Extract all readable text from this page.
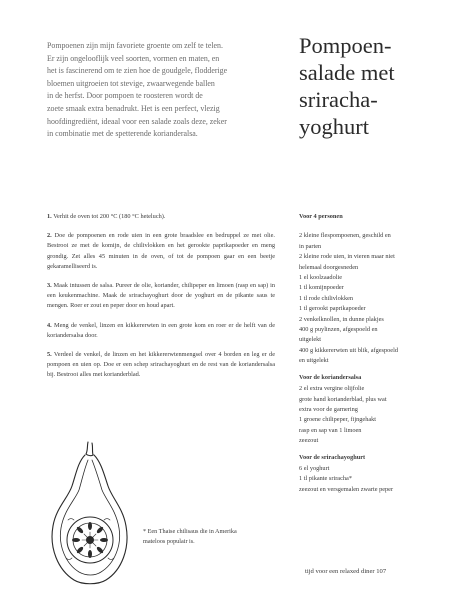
Pompoenen zijn mijn favoriete groente om zelf te telen.
Er zijn ongelooflijk veel soorten, vormen en maten, en
het is fascinerend om te zien hoe de goudgele, flodderige
bloemen uitgroeien tot stevige, zwaarwegende ballen
in de herfst. Door pompoen te roosteren wordt de
zoete smaak extra benadrukt. Het is een perfect, vlezig
hoofdingrediënt, ideaal voor een salade zoals deze, zeker
in combinatie met de spetterende korianderalsa.
Pompoen-
salade met
sriracha-
yoghurt

1. Verhit de oven tot 200 °C (180 °C heteluch).

2. Doe de pompoenen en rode uien in een grote braadslee en bedruppel ze met olie. Bestrooi ze met de komijn, de chilivlokken en het gerookte paprikapoeder en meng grondig. Zet alles 45 minuten in de oven, of tot de pompoen gaar en een beetje gekaramelliseerd is.

3. Maak intussen de salsa. Pureer de olie, koriander, chilipeper en limoen (rasp en sap) in een keukenmachine. Maak de srirachayoghurt door de yoghurt en de pikante saus te mengen. Roer er zout en peper door en houd apart.

4. Meng de venkel, linzen en kikkererwten in een grote kom en roer er de helft van de koriandersalsa door.

5. Verdeel de venkel, de linzen en het kikkererwtenmengsel over 4 borden en leg er de pompoen en uien op. Doe er een schep srirachayoghurt en de rest van de koriandersalsa bij. Bestrooi alles met korianderblad.

Voor 4 personen
2 kleine flespompoenen, geschild en
in parten
2 kleine rode uien, in vieren maar niet
helemaal doorgesneden
1 el koolzaadolie
1 tl komijnpoeder
1 tl rode chilivlokken
1 tl gerookt paprikapoeder
2 venkelknollen, in dunne plakjes
400 g puylinzen, afgespoeld en
uitgelekt
400 g kikkererwten uit blik, afgespoeld
en uitgelekt
Voor de koriandersalsa
2 el extra vergine olijfolie
grote hand korianderblad, plus wat
extra voor de garnering
1 groene chilipeper, fijngehakt
rasp en sap van 1 limoen
zeezout
Voor de srirachayoghurt
6 el yoghurt
1 tl pikante sriracha*
zeezout en versgemalen zwarte peper
* Een Thaise chilisaus die in Amerika
mateloos populair is.
tijd voor een relaxed diner 107
